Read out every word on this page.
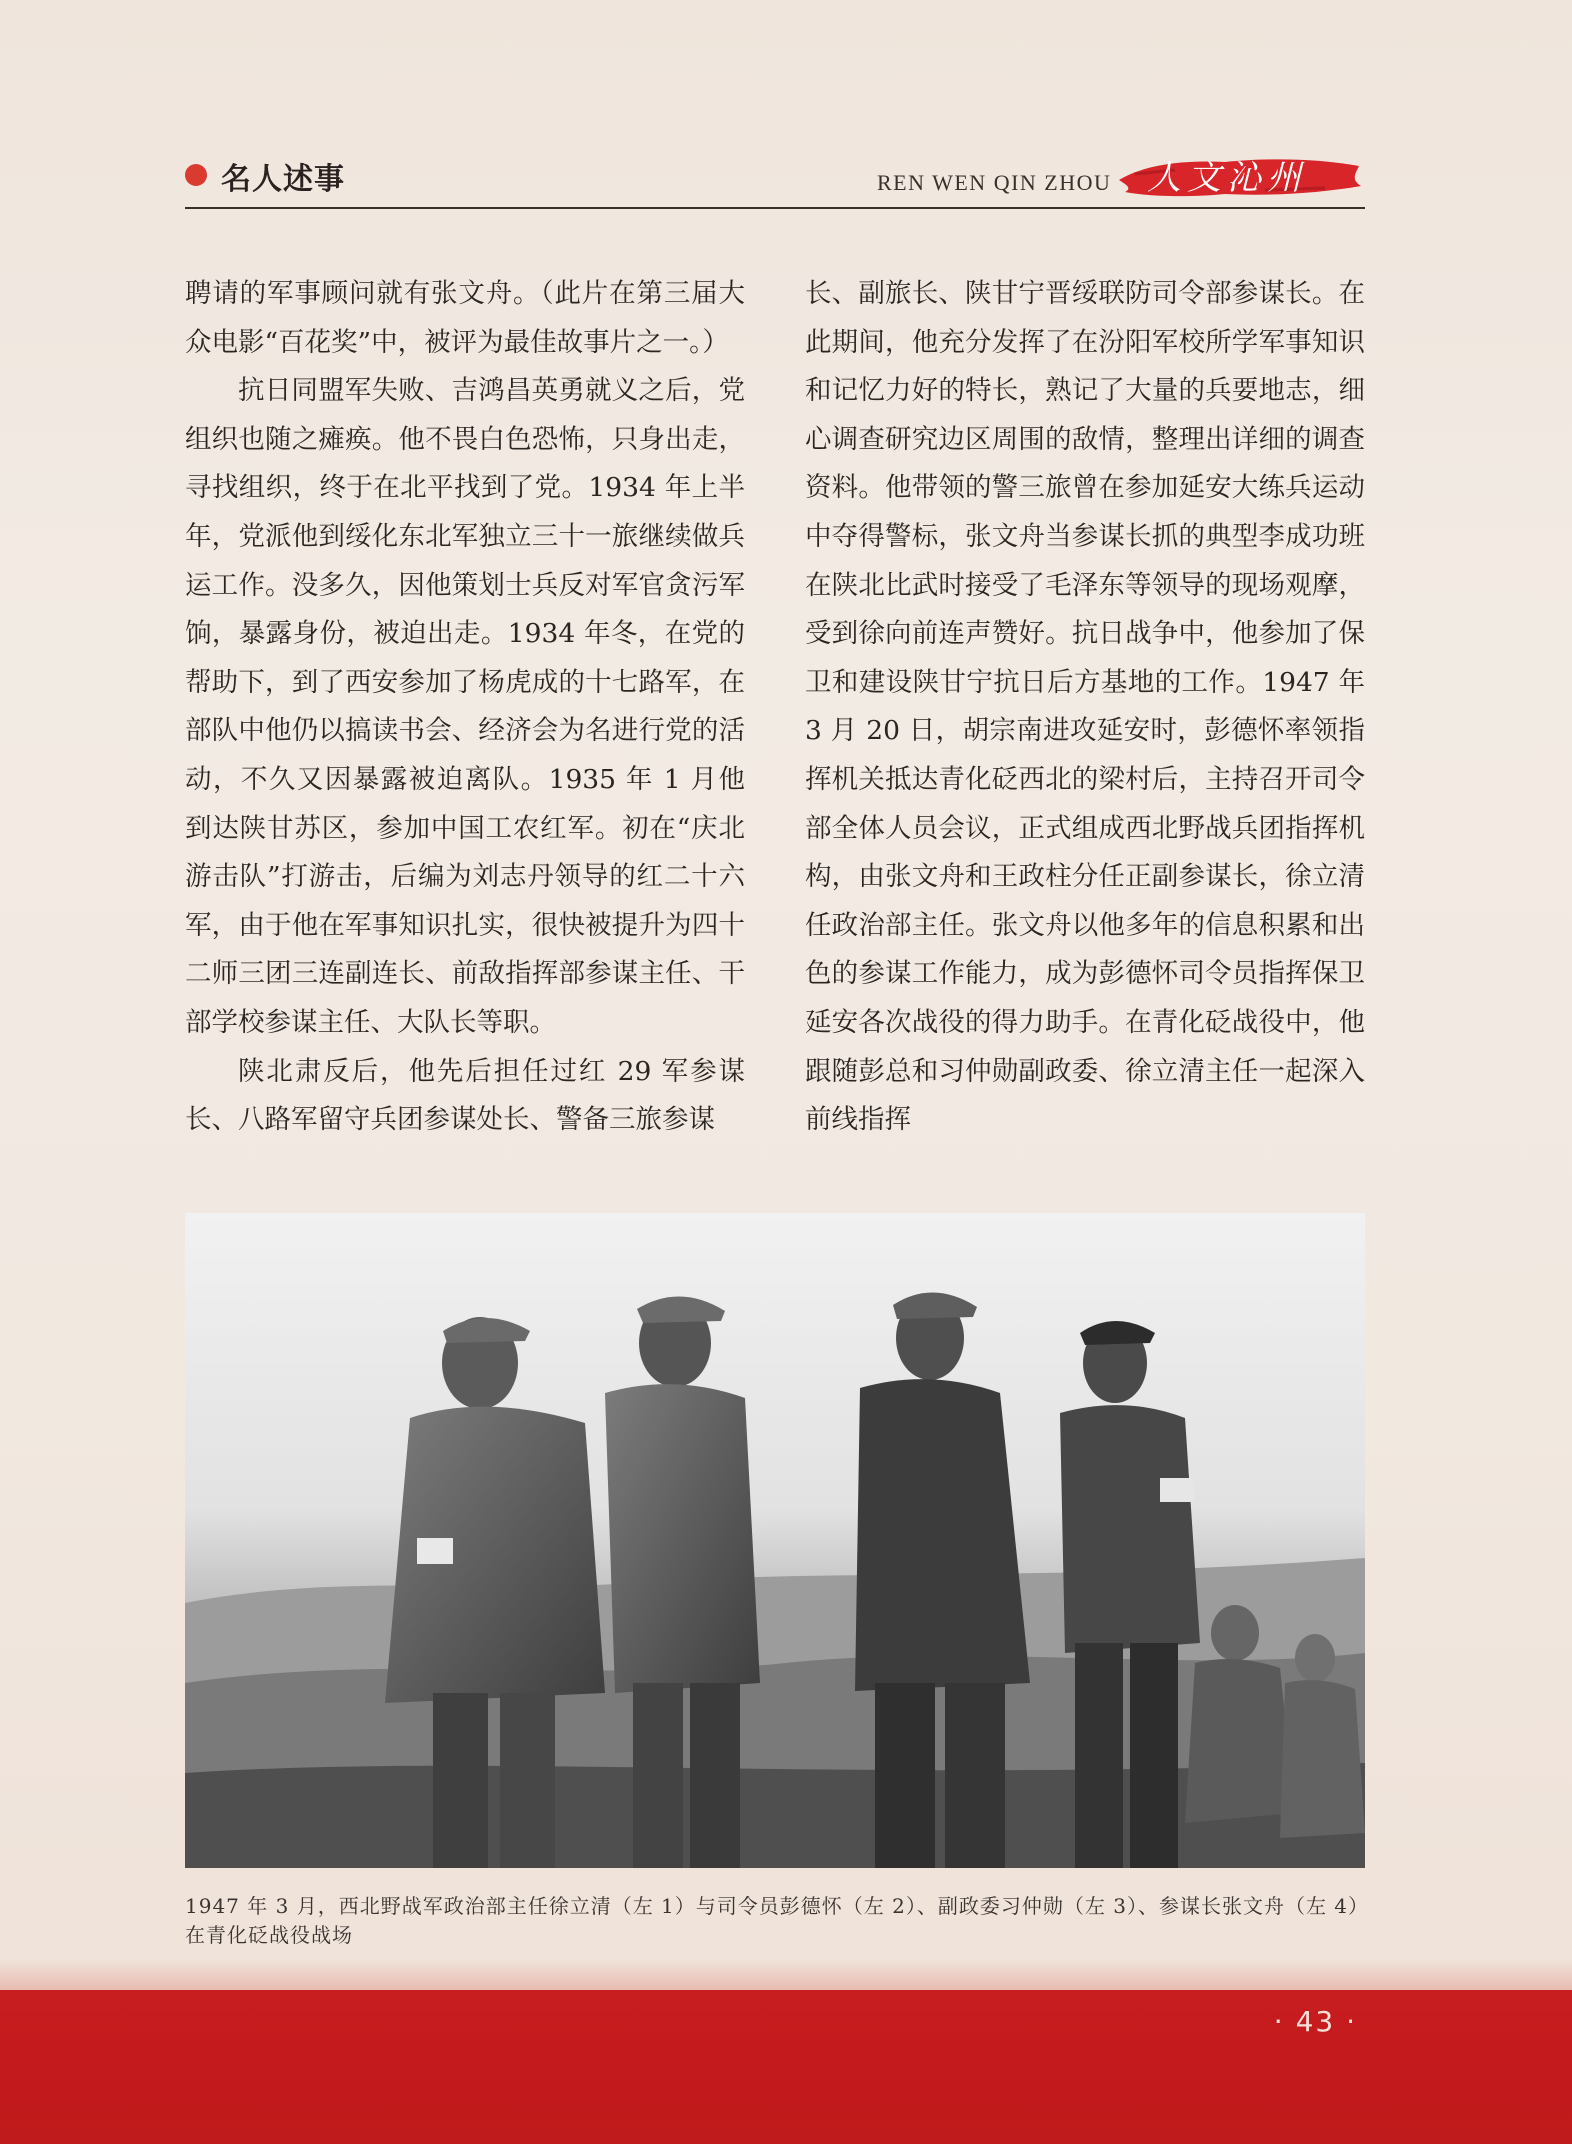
名人述事	REN WEN QIN ZHOU 人文沁州

聘请的军事顾问就有张文舟。（此片在第三届大众电影“百花奖”中，被评为最佳故事片之一。）

抗日同盟军失败、吉鸿昌英勇就义之后，党组织也随之瘫痪。他不畏白色恐怖，只身出走，寻找组织，终于在北平找到了党。1934 年上半年，党派他到绥化东北军独立三十一旅继续做兵运工作。没多久，因他策划士兵反对军官贪污军饷，暴露身份，被迫出走。1934 年冬，在党的帮助下，到了西安参加了杨虎成的十七路军，在部队中他仍以搞读书会、经济会为名进行党的活动，不久又因暴露被迫离队。1935 年 1 月他到达陕甘苏区，参加中国工农红军。初在“庆北游击队”打游击，后编为刘志丹领导的红二十六军，由于他在军事知识扎实，很快被提升为四十二师三团三连副连长、前敌指挥部参谋主任、干部学校参谋主任、大队长等职。

陕北肃反后，他先后担任过红 29 军参谋长、八路军留守兵团参谋处长、警备三旅参谋

长、副旅长、陕甘宁晋绥联防司令部参谋长。在此期间，他充分发挥了在汾阳军校所学军事知识和记忆力好的特长，熟记了大量的兵要地志，细心调查研究边区周围的敌情，整理出详细的调查资料。他带领的警三旅曾在参加延安大练兵运动中夺得警标，张文舟当参谋长抓的典型李成功班在陕北比武时接受了毛泽东等领导的现场观摩，受到徐向前连声赞好。抗日战争中，他参加了保卫和建设陕甘宁抗日后方基地的工作。1947 年 3 月 20 日，胡宗南进攻延安时，彭德怀率领指挥机关抵达青化砭西北的梁村后，主持召开司令部全体人员会议，正式组成西北野战兵团指挥机构，由张文舟和王政柱分任正副参谋长，徐立清任政治部主任。张文舟以他多年的信息积累和出色的参谋工作能力，成为彭德怀司令员指挥保卫延安各次战役的得力助手。在青化砭战役中，他跟随彭总和习仲勋副政委、徐立清主任一起深入前线指挥

1947 年 3 月，西北野战军政治部主任徐立清（左 1）与司令员彭德怀（左 2）、副政委习仲勋（左 3）、参谋长张文舟（左 4）在青化砭战役战场
· 43 ·
